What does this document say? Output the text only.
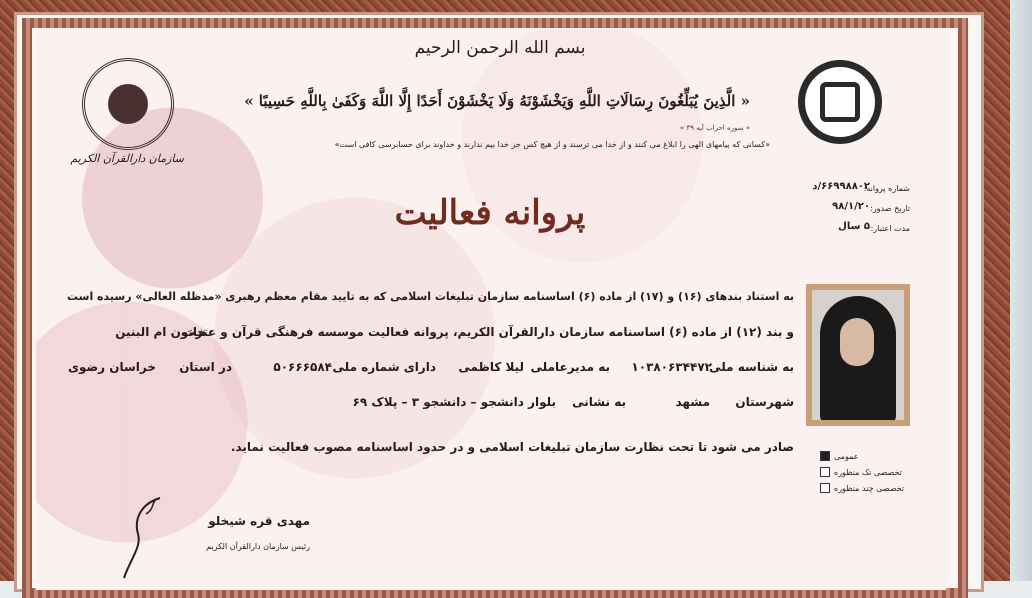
بسم الله الرحمن الرحيم
« الَّذِينَ يُبَلِّغُونَ رِسَالَاتِ اللَّهِ وَيَخْشَوْنَهُ وَلَا يَخْشَوْنَ أَحَدًا إِلَّا اللَّهَ وَكَفَىٰ بِاللَّهِ حَسِيبًا »
« سوره احزاب آیه ۳۹ »
«کسانی که پیامهای الهی را ابلاغ می کنند و از خدا می ترسند و از هیچ کس جز خدا بیم ندارند و خداوند برای حسابرسی کافی است»
سازمان دارالقرآن الکریم
پروانه فعالیت
شماره پروانه:
۶۶۹۹۸۸۰۲/د
تاریخ صدور:
۹۸/۱/۲۰
مدت اعتبار:
۵ سال
به استناد بندهای (۱۶) و (۱۷) از ماده (۶) اساسنامه سازمان تبلیغات اسلامی که به تایید مقام معظم رهبری «مدظله العالی» رسیده است
و بند (۱۲) از ماده (۶) اساسنامه سازمان دارالقرآن الکریم، پروانه فعالیت موسسه فرهنگی قرآن و عترت
خاتون ام البنین
به شناسه ملی
۱۰۳۸۰۶۳۴۴۷۲
به مدیرعاملی
لیلا کاظمی
دارای شماره ملی
۵۰۶۶۶۵۸۴
در استان
خراسان رضوی
شهرستان
مشهد
به نشانی
بلوار دانشجو – دانشجو ۳ – پلاک ۶۹
صادر می شود تا تحت نظارت سازمان تبلیغات اسلامی و در حدود اساسنامه مصوب فعالیت نماید.
عمومی
تخصصی تک منظوره
تخصصی چند منظوره
مهدی قره شیخلو
رئیس سازمان دارالقرآن الکریم
